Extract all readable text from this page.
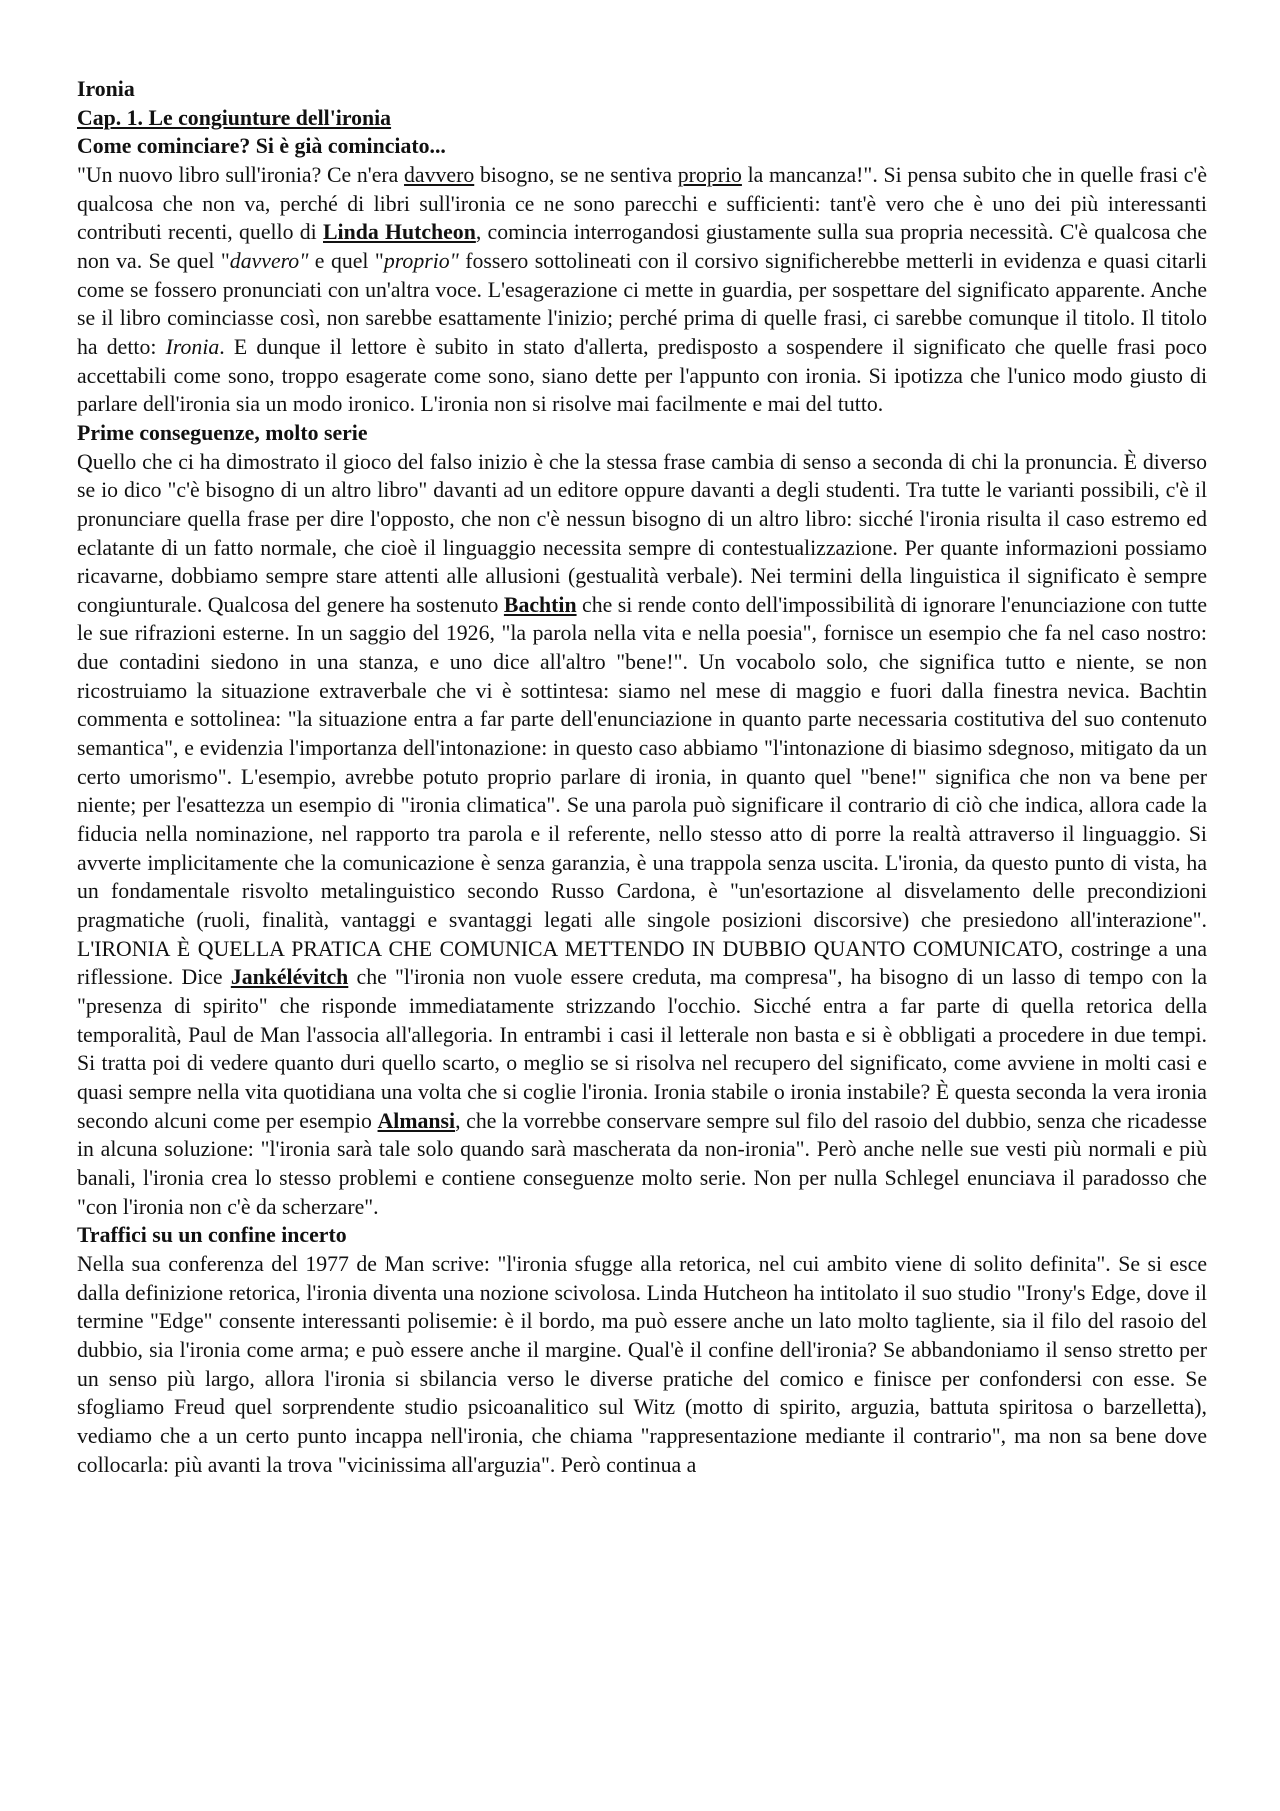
Ironia
Cap. 1. Le congiunture dell'ironia
Come cominciare? Si è già cominciato...

"Un nuovo libro sull'ironia? Ce n'era davvero bisogno, se ne sentiva proprio la mancanza!". Si pensa subito che in quelle frasi c'è qualcosa che non va, perché di libri sull'ironia ce ne sono parecchi e sufficienti: tant'è vero che è uno dei più interessanti contributi recenti, quello di Linda Hutcheon, comincia interrogandosi giustamente sulla sua propria necessità. C'è qualcosa che non va. Se quel "davvero" e quel "proprio" fossero sottolineati con il corsivo significherebbe metterli in evidenza e quasi citarli come se fossero pronunciati con un'altra voce. L'esagerazione ci mette in guardia, per sospettare del significato apparente. Anche se il libro cominciasse così, non sarebbe esattamente l'inizio; perché prima di quelle frasi, ci sarebbe comunque il titolo. Il titolo ha detto: Ironia. E dunque il lettore è subito in stato d'allerta, predisposto a sospendere il significato che quelle frasi poco accettabili come sono, troppo esagerate come sono, siano dette per l'appunto con ironia. Si ipotizza che l'unico modo giusto di parlare dell'ironia sia un modo ironico. L'ironia non si risolve mai facilmente e mai del tutto.

Prime conseguenze, molto serie

Quello che ci ha dimostrato il gioco del falso inizio è che la stessa frase cambia di senso a seconda di chi la pronuncia. È diverso se io dico "c'è bisogno di un altro libro" davanti ad un editore oppure davanti a degli studenti. Tra tutte le varianti possibili, c'è il pronunciare quella frase per dire l'opposto, che non c'è nessun bisogno di un altro libro: sicché l'ironia risulta il caso estremo ed eclatante di un fatto normale, che cioè il linguaggio necessita sempre di contestualizzazione. Per quante informazioni possiamo ricavarne, dobbiamo sempre stare attenti alle allusioni (gestualità verbale). Nei termini della linguistica il significato è sempre congiunturale. Qualcosa del genere ha sostenuto Bachtin che si rende conto dell'impossibilità di ignorare l'enunciazione con tutte le sue rifrazioni esterne. In un saggio del 1926, "la parola nella vita e nella poesia", fornisce un esempio che fa nel caso nostro: due contadini siedono in una stanza, e uno dice all'altro "bene!". Un vocabolo solo, che significa tutto e niente, se non ricostruiamo la situazione extraverbale che vi è sottintesa: siamo nel mese di maggio e fuori dalla finestra nevica. Bachtin commenta e sottolinea: "la situazione entra a far parte dell'enunciazione in quanto parte necessaria costitutiva del suo contenuto semantica", e evidenzia l'importanza dell'intonazione: in questo caso abbiamo "l'intonazione di biasimo sdegnoso, mitigato da un certo umorismo". L'esempio, avrebbe potuto proprio parlare di ironia, in quanto quel "bene!" significa che non va bene per niente; per l'esattezza un esempio di "ironia climatica". Se una parola può significare il contrario di ciò che indica, allora cade la fiducia nella nominazione, nel rapporto tra parola e il referente, nello stesso atto di porre la realtà attraverso il linguaggio. Si avverte implicitamente che la comunicazione è senza garanzia, è una trappola senza uscita. L'ironia, da questo punto di vista, ha un fondamentale risvolto metalinguistico secondo Russo Cardona, è "un'esortazione al disvelamento delle precondizioni pragmatiche (ruoli, finalità, vantaggi e svantaggi legati alle singole posizioni discorsive) che presiedono all'interazione". L'IRONIA È QUELLA PRATICA CHE COMUNICA METTENDO IN DUBBIO QUANTO COMUNICATO, costringe a una riflessione. Dice Jankélévitch che "l'ironia non vuole essere creduta, ma compresa", ha bisogno di un lasso di tempo con la "presenza di spirito" che risponde immediatamente strizzando l'occhio. Sicché entra a far parte di quella retorica della temporalità, Paul de Man l'associa all'allegoria. In entrambi i casi il letterale non basta e si è obbligati a procedere in due tempi. Si tratta poi di vedere quanto duri quello scarto, o meglio se si risolva nel recupero del significato, come avviene in molti casi e quasi sempre nella vita quotidiana una volta che si coglie l'ironia. Ironia stabile o ironia instabile? È questa seconda la vera ironia secondo alcuni come per esempio Almansi, che la vorrebbe conservare sempre sul filo del rasoio del dubbio, senza che ricadesse in alcuna soluzione: "l'ironia sarà tale solo quando sarà mascherata da non-ironia". Però anche nelle sue vesti più normali e più banali, l'ironia crea lo stesso problemi e contiene conseguenze molto serie. Non per nulla Schlegel enunciava il paradosso che "con l'ironia non c'è da scherzare".

Traffici su un confine incerto

Nella sua conferenza del 1977 de Man scrive: "l'ironia sfugge alla retorica, nel cui ambito viene di solito definita". Se si esce dalla definizione retorica, l'ironia diventa una nozione scivolosa. Linda Hutcheon ha intitolato il suo studio "Irony's Edge, dove il termine "Edge" consente interessanti polisemie: è il bordo, ma può essere anche un lato molto tagliente, sia il filo del rasoio del dubbio, sia l'ironia come arma; e può essere anche il margine. Qual'è il confine dell'ironia? Se abbandoniamo il senso stretto per un senso più largo, allora l'ironia si sbilancia verso le diverse pratiche del comico e finisce per confondersi con esse. Se sfogliamo Freud quel sorprendente studio psicoanalitico sul Witz (motto di spirito, arguzia, battuta spiritosa o barzelletta), vediamo che a un certo punto incappa nell'ironia, che chiama "rappresentazione mediante il contrario", ma non sa bene dove collocarla: più avanti la trova "vicinissima all'arguzia". Però continua a
